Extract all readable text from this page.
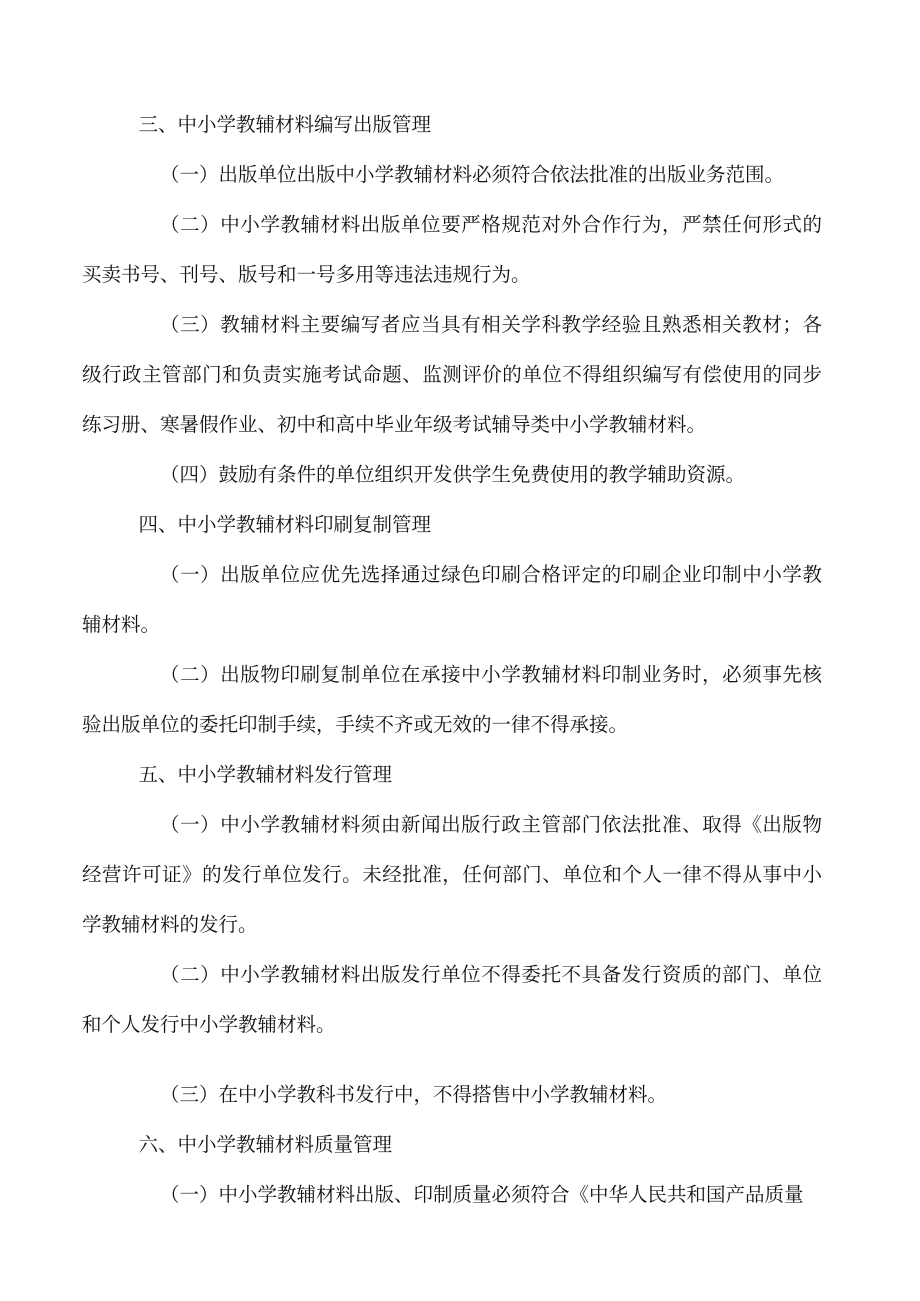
三、中小学教辅材料编写出版管理

（一）出版单位出版中小学教辅材料必须符合依法批准的出版业务范围。

（二）中小学教辅材料出版单位要严格规范对外合作行为，严禁任何形式的买卖书号、刊号、版号和一号多用等违法违规行为。

（三）教辅材料主要编写者应当具有相关学科教学经验且熟悉相关教材；各级行政主管部门和负责实施考试命题、监测评价的单位不得组织编写有偿使用的同步练习册、寒暑假作业、初中和高中毕业年级考试辅导类中小学教辅材料。

（四）鼓励有条件的单位组织开发供学生免费使用的教学辅助资源。

四、中小学教辅材料印刷复制管理

（一）出版单位应优先选择通过绿色印刷合格评定的印刷企业印制中小学教辅材料。

（二）出版物印刷复制单位在承接中小学教辅材料印制业务时，必须事先核验出版单位的委托印制手续，手续不齐或无效的一律不得承接。

五、中小学教辅材料发行管理

（一）中小学教辅材料须由新闻出版行政主管部门依法批准、取得《出版物经营许可证》的发行单位发行。未经批准，任何部门、单位和个人一律不得从事中小学教辅材料的发行。

（二）中小学教辅材料出版发行单位不得委托不具备发行资质的部门、单位和个人发行中小学教辅材料。

（三）在中小学教科书发行中，不得搭售中小学教辅材料。

六、中小学教辅材料质量管理

（一）中小学教辅材料出版、印制质量必须符合《中华人民共和国产品质量
